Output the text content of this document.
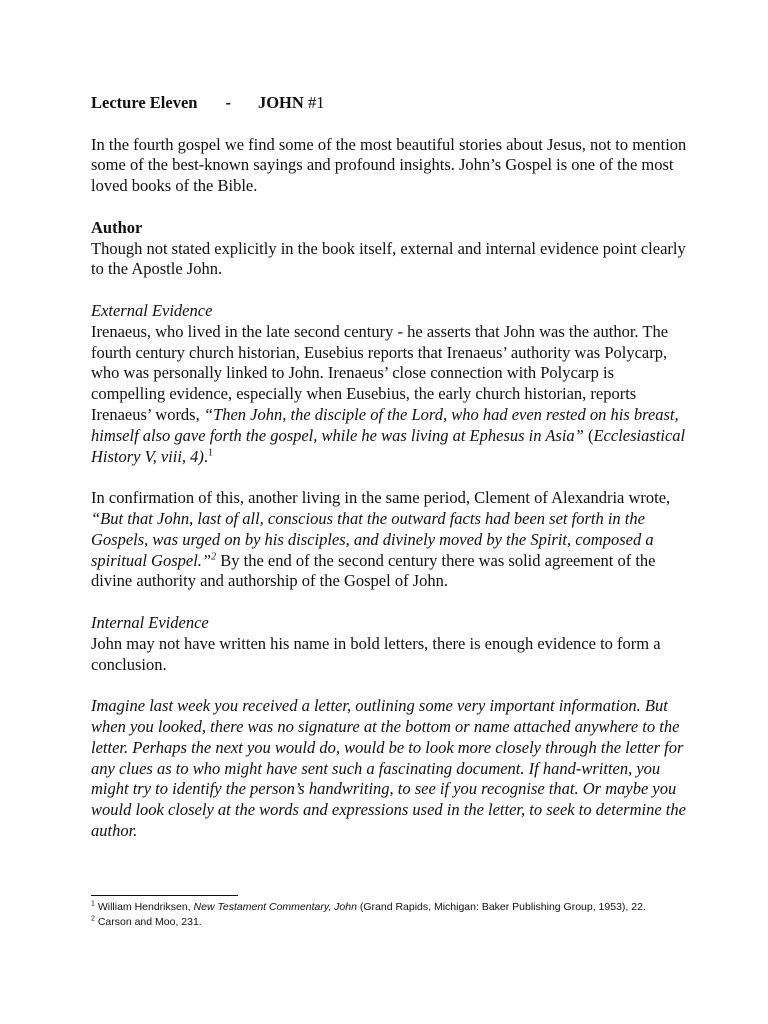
Lecture Eleven - JOHN #1

In the fourth gospel we find some of the most beautiful stories about Jesus, not to mention some of the best-known sayings and profound insights. John’s Gospel is one of the most loved books of the Bible.

Author

Though not stated explicitly in the book itself, external and internal evidence point clearly to the Apostle John.

External Evidence

Irenaeus, who lived in the late second century - he asserts that John was the author. The fourth century church historian, Eusebius reports that Irenaeus’ authority was Polycarp, who was personally linked to John. Irenaeus’ close connection with Polycarp is compelling evidence, especially when Eusebius, the early church historian, reports Irenaeus’ words, “Then John, the disciple of the Lord, who had even rested on his breast, himself also gave forth the gospel, while he was living at Ephesus in Asia” (Ecclesiastical History V, viii, 4).$^1$

In confirmation of this, another living in the same period, Clement of Alexandria wrote, “But that John, last of all, conscious that the outward facts had been set forth in the Gospels, was urged on by his disciples, and divinely moved by the Spirit, composed a spiritual Gospel.”$^2$ By the end of the second century there was solid agreement of the divine authority and authorship of the Gospel of John.

Internal Evidence

John may not have written his name in bold letters, there is enough evidence to form a conclusion.

Imagine last week you received a letter, outlining some very important information. But when you looked, there was no signature at the bottom or name attached anywhere to the letter. Perhaps the next you would do, would be to look more closely through the letter for any clues as to who might have sent such a fascinating document. If hand-written, you might try to identify the person’s handwriting, to see if you recognise that. Or maybe you would look closely at the words and expressions used in the letter, to seek to determine the author.

$^1$ William Hendriksen, New Testament Commentary, John (Grand Rapids, Michigan: Baker Publishing Group, 1953), 22.

$^2$ Carson and Moo, 231.
